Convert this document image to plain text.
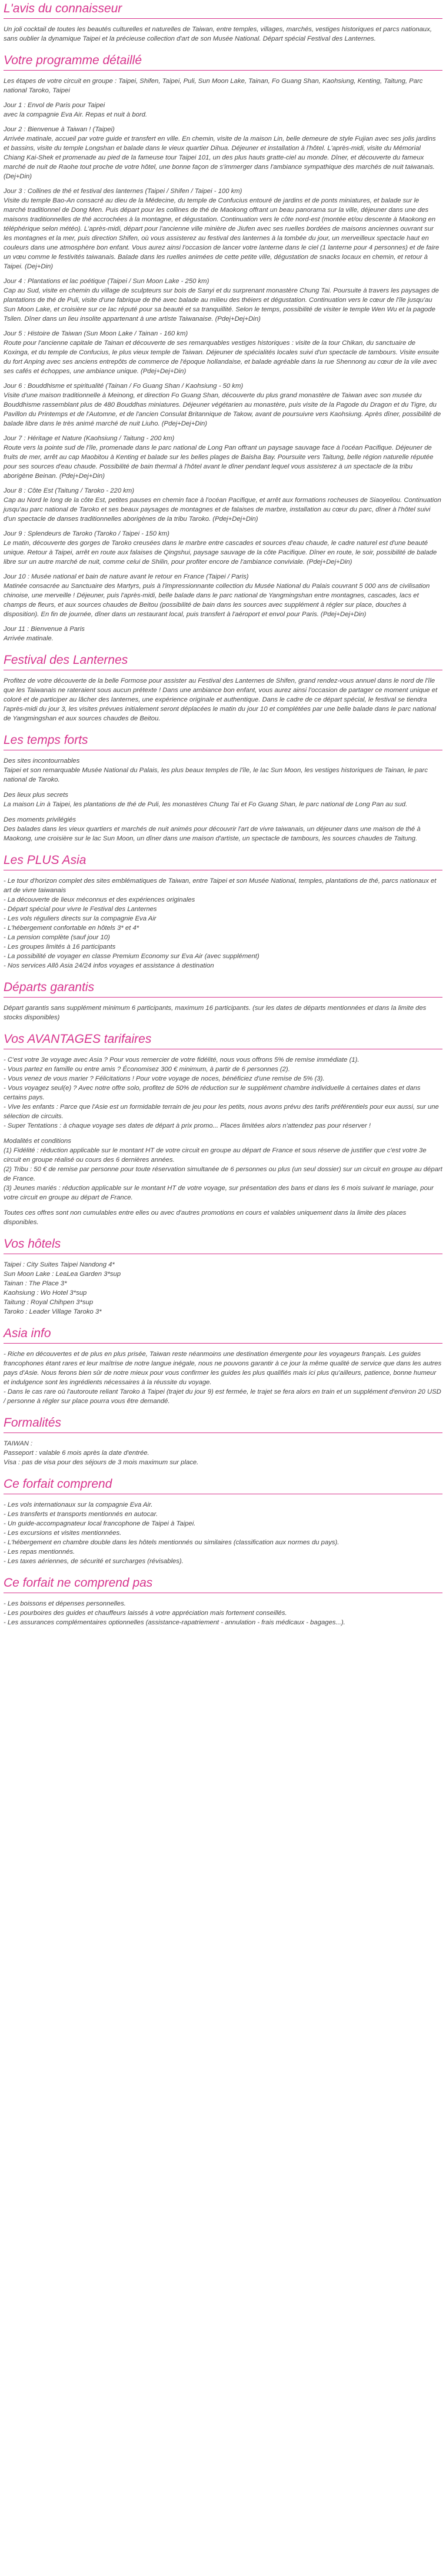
L'avis du connaisseur

Un joli cocktail de toutes les beautés culturelles et naturelles de Taiwan, entre temples, villages, marchés, vestiges historiques et parcs nationaux, sans oublier la dynamique Taipei et la précieuse collection d'art de son Musée National. Départ spécial Festival des Lanternes.

Votre programme détaillé

Les étapes de votre circuit en groupe : Taipei, Shifen, Taipei, Puli, Sun Moon Lake, Tainan, Fo Guang Shan, Kaohsiung, Kenting, Taitung, Parc national Taroko, Taipei

Jour 1 : Envol de Paris pour Taipei
avec la compagnie Eva Air. Repas et nuit à bord.
Jour 2 : Bienvenue à Taiwan ! (Taipei)
Arrivée matinale, accueil par votre guide et transfert en ville. En chemin, visite de la maison Lin, belle demeure de style Fujian avec ses jolis jardins et bassins, visite du temple Longshan et balade dans le vieux quartier Dihua. Déjeuner et installation à l'hôtel. L'après-midi, visite du Mémorial Chiang Kai-Shek et promenade au pied de la fameuse tour Taipei 101, un des plus hauts gratte-ciel au monde. Dîner, et découverte du fameux marché de nuit de Raohe tout proche de votre hôtel, une bonne façon de s'immerger dans l'ambiance sympathique des marchés de nuit taiwanais. (Dej+Din)
Jour 3 : Collines de thé et festival des lanternes (Taipei / Shifen / Taipei - 100 km)
Visite du temple Bao-An consacré au dieu de la Médecine, du temple de Confucius entouré de jardins et de ponts miniatures, et balade sur le marché traditionnel de Dong Men. Puis départ pour les collines de thé de Maokong offrant un beau panorama sur la ville, déjeuner dans une des maisons traditionnelles de thé accrochées à la montagne, et dégustation. Continuation vers le côte nord-est (montée et/ou descente à Maokong en téléphérique selon météo). L'après-midi, départ pour l'ancienne ville minière de Jiufen avec ses ruelles bordées de maisons anciennes ouvrant sur les montagnes et la mer, puis direction Shifen, où vous assisterez au festival des lanternes à la tombée du jour, un merveilleux spectacle haut en couleurs dans une atmosphère bon enfant. Vous aurez ainsi l'occasion de lancer votre lanterne dans le ciel (1 lanterne pour 4 personnes) et de faire un vœu comme le festivités taiwanais. Balade dans les ruelles animées de cette petite ville, dégustation de snacks locaux en chemin, et retour à Taipei. (Dej+Din)
Jour 4 : Plantations et lac poétique (Taipei / Sun Moon Lake - 250 km)
Cap au Sud, visite en chemin du village de sculpteurs sur bois de Sanyi et du surprenant monastère Chung Tai. Poursuite à travers les paysages de plantations de thé de Puli, visite d'une fabrique de thé avec balade au milieu des théiers et dégustation. Continuation vers le cœur de l'île jusqu'au Sun Moon Lake, et croisière sur ce lac réputé pour sa beauté et sa tranquillité. Selon le temps, possibilité de visiter le temple Wen Wu et la pagode Tsilen. Dîner dans un lieu insolite appartenant à une artiste Taiwanaise. (Pdej+Dej+Din)
Jour 5 : Histoire de Taiwan (Sun Moon Lake / Tainan - 160 km)
Route pour l'ancienne capitale de Tainan et découverte de ses remarquables vestiges historiques : visite de la tour Chikan, du sanctuaire de Koxinga, et du temple de Confucius, le plus vieux temple de Taiwan. Déjeuner de spécialités locales suivi d'un spectacle de tambours. Visite ensuite du fort Anping avec ses anciens entrepôts de commerce de l'époque hollandaise, et balade agréable dans la rue Shennong au cœur de la vile avec ses cafés et échoppes, une ambiance unique. (Pdej+Dej+Din)
Jour 6 : Bouddhisme et spiritualité (Tainan / Fo Guang Shan / Kaohsiung - 50 km)
Visite d'une maison traditionnelle à Meinong, et direction Fo Guang Shan, découverte du plus grand monastère de Taiwan avec son musée du Bouddhisme rassemblant plus de 480 Bouddhas miniatures. Déjeuner végétarien au monastère, puis visite de la Pagode du Dragon et du Tigre, du Pavillon du Printemps et de l'Automne, et de l'ancien Consulat Britannique de Takow, avant de poursuivre vers Kaohsiung. Après dîner, possibilité de balade libre dans le très animé marché de nuit Liuho. (Pdej+Dej+Din)
Jour 7 : Héritage et Nature (Kaohsiung / Taitung - 200 km)
Route vers la pointe sud de l'île, promenade dans le parc national de Long Pan offrant un paysage sauvage face à l'océan Pacifique. Déjeuner de fruits de mer, arrêt au cap Maobitou à Kenting et balade sur les belles plages de Baisha Bay. Poursuite vers Taitung, belle région naturelle réputée pour ses sources d'eau chaude. Possibilité de bain thermal à l'hôtel avant le dîner pendant lequel vous assisterez à un spectacle de la tribu aborigène Beinan. (Pdej+Dej+Din)
Jour 8 : Côte Est (Taitung / Taroko - 220 km)
Cap au Nord le long de la côte Est, petites pauses en chemin face à l'océan Pacifique, et arrêt aux formations rocheuses de Siaoyeliou. Continuation jusqu'au parc national de Taroko et ses beaux paysages de montagnes et de falaises de marbre, installation au cœur du parc, dîner à l'hôtel suivi d'un spectacle de danses traditionnelles aborigènes de la tribu Taroko. (Pdej+Dej+Din)
Jour 9 : Splendeurs de Taroko (Taroko / Taipei - 150 km)
Le matin, découverte des gorges de Taroko creusées dans le marbre entre cascades et sources d'eau chaude, le cadre naturel est d'une beauté unique. Retour à Taipei, arrêt en route aux falaises de Qingshui, paysage sauvage de la côte Pacifique. Dîner en route, le soir, possibilité de balade libre sur un autre marché de nuit, comme celui de Shilin, pour profiter encore de l'ambiance conviviale. (Pdej+Dej+Din)
Jour 10 : Musée national et bain de nature avant le retour en France (Taipei / Paris)
Matinée consacrée au Sanctuaire des Martyrs, puis à l'impressionnante collection du Musée National du Palais couvrant 5 000 ans de civilisation chinoise, une merveille ! Déjeuner, puis l'après-midi, belle balade dans le parc national de Yangmingshan entre montagnes, cascades, lacs et champs de fleurs, et aux sources chaudes de Beitou (possibilité de bain dans les sources avec supplément à régler sur place, douches à disposition). En fin de journée, dîner dans un restaurant local, puis transfert à l'aéroport et envol pour Paris. (Pdej+Dej+Din)
Jour 11 : Bienvenue à Paris
Arrivée matinale.
Festival des Lanternes

Profitez de votre découverte de la belle Formose pour assister au Festival des Lanternes de Shifen, grand rendez-vous annuel dans le nord de l'île que les Taiwanais ne rateraient sous aucun prétexte ! Dans une ambiance bon enfant, vous aurez ainsi l'occasion de partager ce moment unique et coloré et de participer au lâcher des lanternes, une expérience originale et authentique. Dans le cadre de ce départ spécial, le festival se tiendra l'après-midi du jour 3, les visites prévues initialement seront déplacées le matin du jour 10 et complétées par une belle balade dans le parc national de Yangmingshan et aux sources chaudes de Beitou.

Les temps forts
Des sites incontournables
Taipei et son remarquable Musée National du Palais, les plus beaux temples de l'île, le lac Sun Moon, les vestiges historiques de Tainan, le parc national de Taroko.
Des lieux plus secrets
La maison Lin à Taipei, les plantations de thé de Puli, les monastères Chung Tai et Fo Guang Shan, le parc national de Long Pan au sud.
Des moments privilégiés
Des balades dans les vieux quartiers et marchés de nuit animés pour découvrir l'art de vivre taiwanais, un déjeuner dans une maison de thé à Maokong, une croisière sur le lac Sun Moon, un dîner dans une maison d'artiste, un spectacle de tambours, les sources chaudes de Taitung.
Les PLUS Asia
- Le tour d'horizon complet des sites emblématiques de Taiwan, entre Taipei et son Musée National, temples, plantations de thé, parcs nationaux et art de vivre taiwanais
- La découverte de lieux méconnus et des expériences originales
- Départ spécial pour vivre le Festival des Lanternes
- Les vols réguliers directs sur la compagnie Eva Air
- L'hébergement confortable en hôtels 3* et 4*
- La pension complète (sauf jour 10)
- Les groupes limités à 16 participants
- La possibilité de voyager en classe Premium Economy sur Eva Air (avec supplément)
- Nos services Allô Asia 24/24 infos voyages et assistance à destination
Départs garantis

Départ garantis sans supplément minimum 6 participants, maximum 16 participants. (sur les dates de départs mentionnées et dans la limite des stocks disponibles)

Vos AVANTAGES tarifaires
- C'est votre 3e voyage avec Asia ? Pour vous remercier de votre fidélité, nous vous offrons 5% de remise immédiate (1).
- Vous partez en famille ou entre amis ? Économisez 300 € minimum, à partir de 6 personnes (2).
- Vous venez de vous marier ? Félicitations ! Pour votre voyage de noces, bénéficiez d'une remise de 5% (3).
- Vous voyagez seul(e) ? Avec notre offre solo, profitez de 50% de réduction sur le supplément chambre individuelle à certaines dates et dans certains pays.
- Vive les enfants : Parce que l'Asie est un formidable terrain de jeu pour les petits, nous avons prévu des tarifs préférentiels pour eux aussi, sur une sélection de circuits.
- Super Tentations : à chaque voyage ses dates de départ à prix promo... Places limitées alors n'attendez pas pour réserver !
Modalités et conditions
(1) Fidélité : réduction applicable sur le montant HT de votre circuit en groupe au départ de France et sous réserve de justifier que c'est votre 3e circuit en groupe réalisé ou cours des 6 dernières années.
(2) Tribu : 50 € de remise par personne pour toute réservation simultanée de 6 personnes ou plus (un seul dossier) sur un circuit en groupe au départ de France.
(3) Jeunes mariés : réduction applicable sur le montant HT de votre voyage, sur présentation des bans et dans les 6 mois suivant le mariage, pour votre circuit en groupe au départ de France.

Toutes ces offres sont non cumulables entre elles ou avec d'autres promotions en cours et valables uniquement dans la limite des places disponibles.

Vos hôtels
Taipei : City Suites Taipei Nandong 4*
Sun Moon Lake : LeaLea Garden 3*sup
Tainan : The Place 3*
Kaohsiung : Wo Hotel 3*sup
Taitung : Royal Chihpen 3*sup
Taroko : Leader Village Taroko 3*
Asia info
- Riche en découvertes et de plus en plus prisée, Taiwan reste néanmoins une destination émergente pour les voyageurs français. Les guides francophones étant rares et leur maîtrise de notre langue inégale, nous ne pouvons garantir à ce jour la même qualité de service que dans les autres pays d'Asie. Nous ferons bien sûr de notre mieux pour vous confirmer les guides les plus qualifiés mais ici plus qu'ailleurs, patience, bonne humeur et indulgence sont les ingrédients nécessaires à la réussite du voyage.
- Dans le cas rare où l'autoroute reliant Taroko à Taipei (trajet du jour 9) est fermée, le trajet se fera alors en train et un supplément d'environ 20 USD / personne à régler sur place pourra vous être demandé.
Formalités
TAIWAN :
Passeport : valable 6 mois après la date d'entrée.
Visa : pas de visa pour des séjours de 3 mois maximum sur place.
Ce forfait comprend
- Les vols internationaux sur la compagnie Eva Air.
- Les transferts et transports mentionnés en autocar.
- Un guide-accompagnateur local francophone de Taipei à Taipei.
- Les excursions et visites mentionnées.
- L'hébergement en chambre double dans les hôtels mentionnés ou similaires (classification aux normes du pays).
- Les repas mentionnés.
- Les taxes aériennes, de sécurité et surcharges (révisables).
Ce forfait ne comprend pas
- Les boissons et dépenses personnelles.
- Les pourboires des guides et chauffeurs laissés à votre appréciation mais fortement conseillés.
- Les assurances complémentaires optionnelles (assistance-rapatriement - annulation - frais médicaux - bagages...).
